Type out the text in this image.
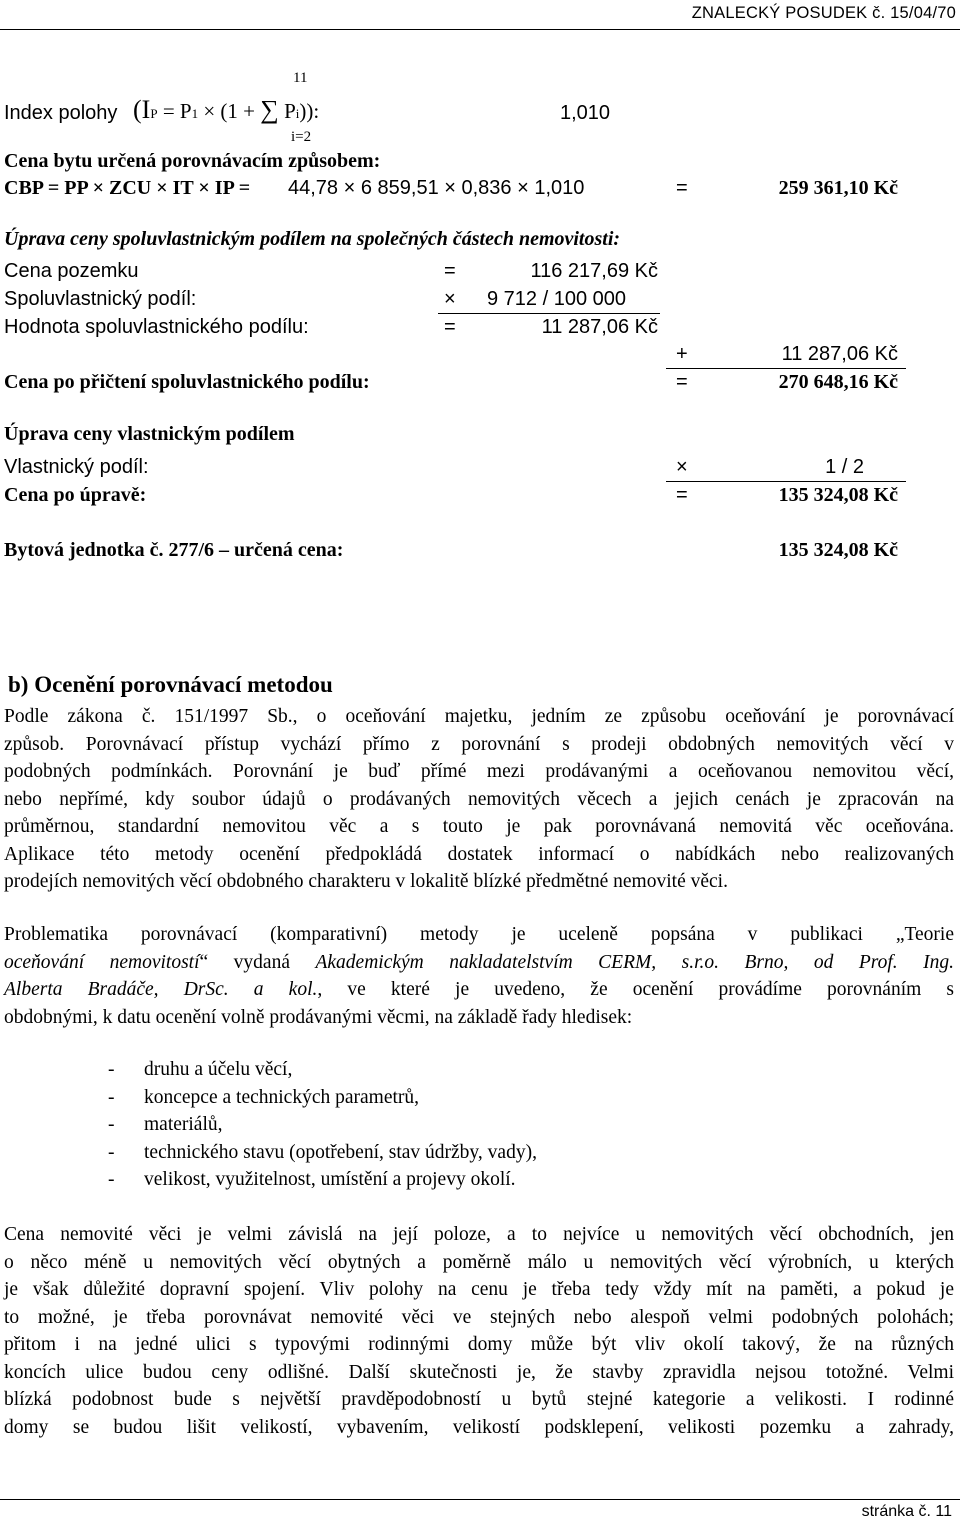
ZNALECKÝ POSUDEK č. 15/04/70
Index polohy
11
i=2
(IP = P1 × (1 + ∑ Pi)):	1,010
Cena bytu určená porovnávacím způsobem:
CBP = PP × ZCU × IT × IP = 44,78 × 6 859,51 × 0,836 × 1,010	=	259 361,10 Kč
Úprava ceny spoluvlastnickým podílem na společných částech nemovitosti:
Cena pozemku	=	116 217,69 Kč
Spoluvlastnický podíl:	× 9 712 / 100 000
Hodnota spoluvlastnického podílu:	=	11 287,06 Kč
+	11 287,06 Kč
Cena po přičtení spoluvlastnického podílu:	=	270 648,16 Kč
Úprava ceny vlastnickým podílem
Vlastnický podíl:	×	1 / 2
Cena po úpravě:	=	135 324,08 Kč
Bytová jednotka č. 277/6 – určená cena:	135 324,08 Kč
b) Ocenění porovnávací metodou
Podle zákona č. 151/1997 Sb., o oceňování majetku, jedním ze způsobu oceňování je porovnávací
způsob. Porovnávací přístup vychází přímo z porovnání s prodeji obdobných nemovitých věcí v
podobných podmínkách. Porovnání je buď přímé mezi prodávanými a oceňovanou nemovitou věcí,
nebo nepřímé, kdy soubor údajů o prodávaných nemovitých věcech a jejich cenách je zpracován na
průměrnou, standardní nemovitou věc a s touto je pak porovnávaná nemovitá věc oceňována.
Aplikace této metody ocenění předpokládá dostatek informací o nabídkách nebo realizovaných
prodejích nemovitých věcí obdobného charakteru v lokalitě blízké předmětné nemovité věci.
Problematika porovnávací (komparativní) metody je uceleně popsána v publikaci „Teorie
oceňování nemovitostí“ vydaná Akademickým nakladatelstvím CERM, s.r.o. Brno, od Prof. Ing.
Alberta Bradáče, DrSc. a kol., ve které je uvedeno, že ocenění provádíme porovnáním s
obdobnými, k datu ocenění volně prodávanými věcmi, na základě řady hledisek:
- druhu a účelu věcí,
- koncepce a technických parametrů,
- materiálů,
- technického stavu (opotřebení, stav údržby, vady),
- velikost, využitelnost, umístění a projevy okolí.
Cena nemovité věci je velmi závislá na její poloze, a to nejvíce u nemovitých věcí obchodních, jen
o něco méně u nemovitých věcí obytných a poměrně málo u nemovitých věcí výrobních, u kterých
je však důležité dopravní spojení. Vliv polohy na cenu je třeba tedy vždy mít na paměti, a pokud je
to možné, je třeba porovnávat nemovité věci ve stejných nebo alespoň velmi podobných polohách;
přitom i na jedné ulici s typovými rodinnými domy může být vliv okolí takový, že na různých
koncích ulice budou ceny odlišné. Další skutečnosti je, že stavby zpravidla nejsou totožné. Velmi
blízká podobnost bude s největší pravděpodobností u bytů stejné kategorie a velikosti. I rodinné
domy se budou lišit velikostí, vybavením, velikostí podsklepení, velikosti pozemku a zahrady,
stránka č. 11
